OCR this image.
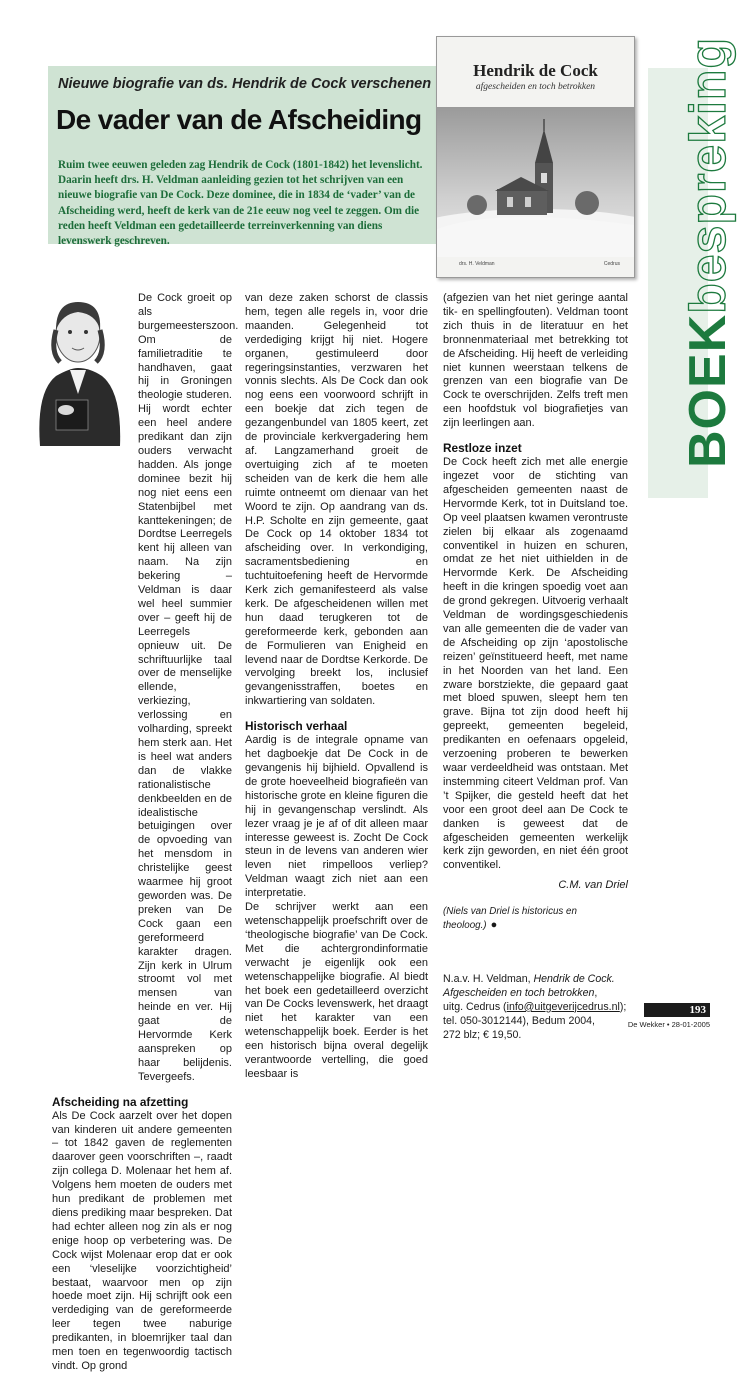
Nieuwe biografie van ds. Hendrik de Cock verschenen
De vader van de Afscheiding

Ruim twee eeuwen geleden zag Hendrik de Cock (1801-1842) het levenslicht. Daarin heeft drs. H. Veldman aanleiding gezien tot het schrijven van een nieuwe biografie van De Cock. Deze dominee, die in 1834 de ‘vader’ van de Afscheiding werd, heeft de kerk van de 21e eeuw nog veel te zeggen. Om die reden heeft Veldman een gedetailleerde terreinverkenning van diens levenswerk geschreven.

Hendrik de Cock
afgescheiden en toch betrokken
drs. H. Veldman	Cedrus
BOEKbespreking

De Cock groeit op als burgemeesterszoon. Om de familietraditie te handhaven, gaat hij in Groningen theologie studeren. Hij wordt echter een heel andere predikant dan zijn ouders verwacht hadden. Als jonge dominee bezit hij nog niet eens een Statenbijbel met kanttekeningen; de Dordtse Leerregels kent hij alleen van naam. Na zijn bekering – Veldman is daar wel heel summier over – geeft hij de Leerregels opnieuw uit. De schriftuurlijke taal over de menselijke ellende, verkiezing, verlossing en volharding, spreekt hem sterk aan. Het is heel wat anders dan de vlakke rationalistische denkbeelden en de idealistische betuigingen over de opvoeding van het mensdom in christelijke geest waarmee hij groot geworden was. De preken van De Cock gaan een gereformeerd karakter dragen. Zijn kerk in Ulrum stroomt vol met mensen van heinde en ver. Hij gaat de Hervormde Kerk aanspreken op haar belijdenis. Tevergeefs.

Afscheiding na afzetting

Als De Cock aarzelt over het dopen van kinderen uit andere gemeenten – tot 1842 gaven de reglementen daarover geen voorschriften –, raadt zijn collega D. Molenaar het hem af. Volgens hem moeten de ouders met hun predikant de problemen met diens prediking maar bespreken. Dat had echter alleen nog zin als er nog enige hoop op verbetering was. De Cock wijst Molenaar erop dat er ook een ‘vleselijke voorzichtigheid’ bestaat, waarvoor men op zijn hoede moet zijn. Hij schrijft ook een verdediging van de gereformeerde leer tegen twee naburige predikanten, in bloemrijker taal dan men toen en tegenwoordig tactisch vindt. Op grond

van deze zaken schorst de classis hem, tegen alle regels in, voor drie maanden. Gelegenheid tot verdediging krijgt hij niet. Hogere organen, gestimuleerd door regeringsinstanties, verzwaren het vonnis slechts. Als De Cock dan ook nog eens een voorwoord schrijft in een boekje dat zich tegen de gezangenbundel van 1805 keert, zet de provinciale kerkvergadering hem af. Langzamerhand groeit de overtuiging zich af te moeten scheiden van de kerk die hem alle ruimte ontneemt om dienaar van het Woord te zijn. Op aandrang van ds. H.P. Scholte en zijn gemeente, gaat De Cock op 14 oktober 1834 tot afscheiding over. In verkondiging, sacramentsbediening en tuchtuitoefening heeft de Hervormde Kerk zich gemanifesteerd als valse kerk. De afgescheidenen willen met hun daad terugkeren tot de gereformeerde kerk, gebonden aan de Formulieren van Enigheid en levend naar de Dordtse Kerkorde. De vervolging breekt los, inclusief gevangenisstraffen, boetes en inkwartiering van soldaten.

Historisch verhaal

Aardig is de integrale opname van het dagboekje dat De Cock in de gevangenis hij bijhield. Opvallend is de grote hoeveelheid biografieën van historische grote en kleine figuren die hij in gevangenschap verslindt. Als lezer vraag je je af of dit alleen maar interesse geweest is. Zocht De Cock steun in de levens van anderen wier leven niet rimpelloos verliep? Veldman waagt zich niet aan een interpretatie.

De schrijver werkt aan een wetenschappelijk proefschrift over de ‘theologische biografie’ van De Cock. Met die achtergrondinformatie verwacht je eigenlijk ook een wetenschappelijke biografie. Al biedt het boek een gedetailleerd overzicht van De Cocks levenswerk, het draagt niet het karakter van een wetenschappelijk boek. Eerder is het een historisch bijna overal degelijk verantwoorde vertelling, die goed leesbaar is

(afgezien van het niet geringe aantal tik- en spellingfouten). Veldman toont zich thuis in de literatuur en het bronnenmateriaal met betrekking tot de Afscheiding. Hij heeft de verleiding niet kunnen weerstaan telkens de grenzen van een biografie van De Cock te overschrijden. Zelfs treft men een hoofdstuk vol biografietjes van zijn leerlingen aan.

Restloze inzet

De Cock heeft zich met alle energie ingezet voor de stichting van afgescheiden gemeenten naast de Hervormde Kerk, tot in Duitsland toe. Op veel plaatsen kwamen verontruste zielen bij elkaar als zogenaamd conventikel in huizen en schuren, omdat ze het niet uithielden in de Hervormde Kerk. De Afscheiding heeft in die kringen spoedig voet aan de grond gekregen. Uitvoerig verhaalt Veldman de wordingsgeschiedenis van alle gemeenten die de vader van de Afscheiding op zijn ‘apostolische reizen’ geïnstitueerd heeft, met name in het Noorden van het land. Een zware borstziekte, die gepaard gaat met bloed spuwen, sleept hem ten grave. Bijna tot zijn dood heeft hij gepreekt, gemeenten begeleid, predikanten en oefenaars opgeleid, verzoening proberen te bewerken waar verdeeldheid was ontstaan. Met instemming citeert Veldman prof. Van ’t Spijker, die gesteld heeft dat het voor een groot deel aan De Cock te danken is geweest dat de afgescheiden gemeenten werkelijk kerk zijn geworden, en niet één groot conventikel.

C.M. van Driel

(Niels van Driel is historicus en theoloog.) ●

N.a.v. H. Veldman, Hendrik de Cock. Afgescheiden en toch betrokken,
uitg. Cedrus (info@uitgeverijcedrus.nl);
tel. 050-3012144), Bedum 2004,
272 blz; € 19,50.

193
De Wekker • 28-01-2005
